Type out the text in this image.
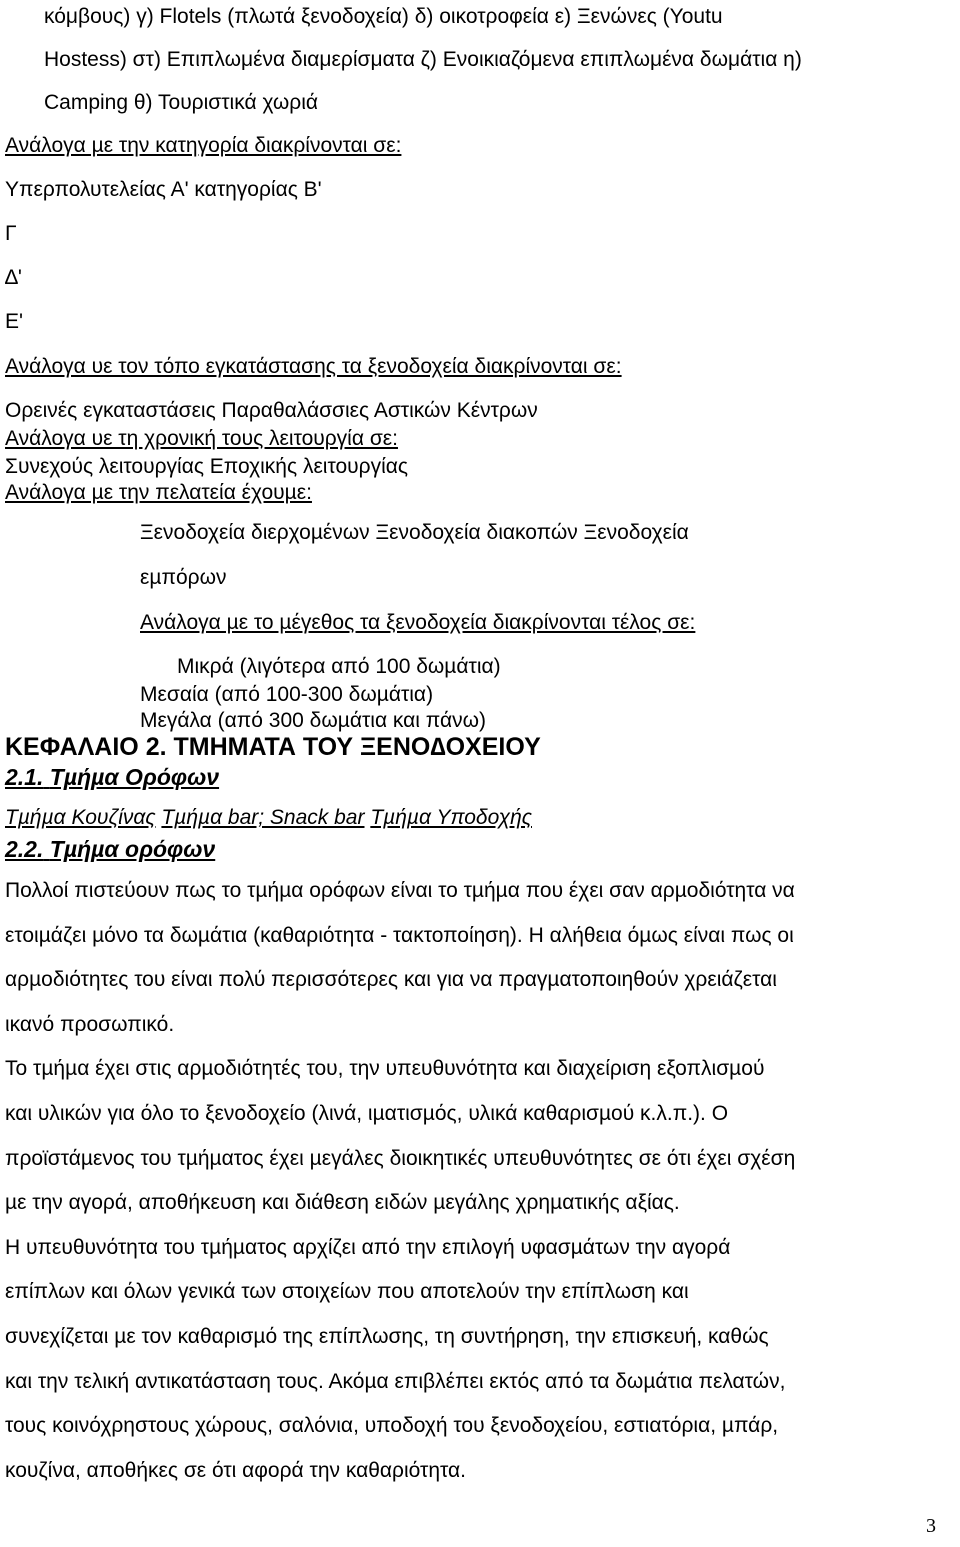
κόμβους) γ) Flotels (πλωτά ξενοδοχεία) δ) οικοτροφεία ε) Ξενώνες (Youtu
Hostess) στ) Επιπλωμένα διαμερίσματα ζ) Ενοικιαζόμενα επιπλωμένα δωμάτια η)
Camping θ) Τουριστικά χωριά
Ανάλογα µε την κατηγορία διακρίνονται σε:
Υπερπολυτελείας Α' κατηγορίας Β'
Γ
∆'
Ε'
Ανάλογα υε τον τόπο εγκατάστασης τα ξενοδοχεία διακρίνονται σε:
Ορεινές εγκαταστάσεις Παραθαλάσσιες Αστικών Κέντρων
Ανάλογα υε τη χρονική τους λειτουργία σε:
Συνεχούς λειτουργίας Εποχικής λειτουργίας
Ανάλογα µε την πελατεία έχουµε:
Ξενοδοχεία διερχοµένων Ξενοδοχεία διακοπών Ξενοδοχεία
εµπόρων
Ανάλογα µε το µέγεθος τα ξενοδοχεία διακρίνονται τέλος σε:
Μικρά (λιγότερα από 100 δωµάτια)
Μεσαία (από 100-300 δωµάτια)
Μεγάλα (από 300 δωµάτια και πάνω)
ΚΕΦΑΛΑΙΟ 2. ΤΜΗΜΑΤΑ ΤΟΥ ΞΕΝΟ∆ΟΧΕΙΟΥ
2.1. Τµήµα Ορόφων
Τµήµα Κουζίνας Τµήµα bar; Snack bar Τµήµα Υποδοχής
2.2. Τµήµα ορόφων
Πολλοί πιστεύουν πως το τµήµα ορόφων είναι το τµήµα που έχει σαν αρµοδιότητα να
ετοιµάζει µόνο τα δωµάτια (καθαριότητα - τακτοποίηση). Η αλήθεια όµως είναι πως οι
αρµοδιότητες του είναι πολύ περισσότερες και για να πραγµατοποιηθούν χρειάζεται
ικανό προσωπικό.
Το τµήµα έχει στις αρµοδιότητές του, την υπευθυνότητα και διαχείριση εξοπλισµού
και υλικών για όλο το ξενοδοχείο (λινά, ιµατισµός, υλικά καθαρισµού κ.λ.π.). Ο
προϊστάµενος του τµήµατος έχει µεγάλες διοικητικές υπευθυνότητες σε ότι έχει σχέση
µε την αγορά, αποθήκευση και διάθεση ειδών µεγάλης χρηµατικής αξίας.
Η υπευθυνότητα του τµήµατος αρχίζει από την επιλογή υφασµάτων την αγορά
επίπλων και όλων γενικά των στοιχείων που αποτελούν την επίπλωση και
συνεχίζεται µε τον καθαρισµό της επίπλωσης, τη συντήρηση, την επισκευή, καθώς
και την τελική αντικατάσταση τους. Ακόµα επιβλέπει εκτός από τα δωµάτια πελατών,
τους κοινόχρηστους χώρους, σαλόνια, υποδοχή του ξενοδοχείου, εστιατόρια, µπάρ,
κουζίνα, αποθήκες σε ότι αφορά την καθαριότητα.
3
